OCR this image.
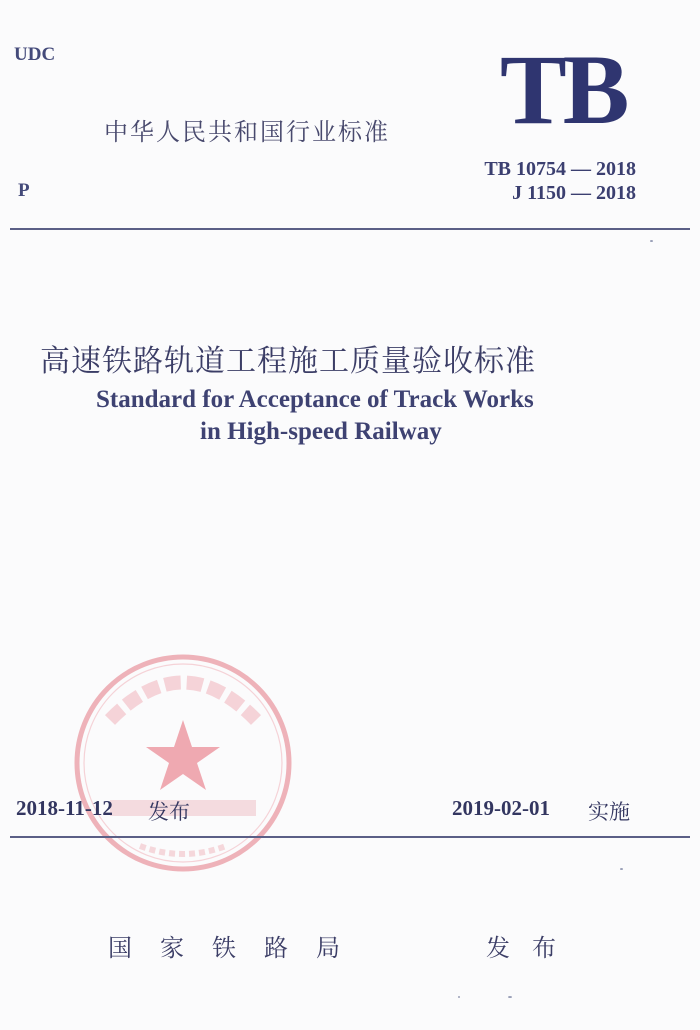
UDC
中华人民共和国行业标准 TB
P
TB 10754 — 2018
J 1150 — 2018
高速铁路轨道工程施工质量验收标准
Standard for Acceptance of Track Works
in High-speed Railway
2018-11-12 发布	2019-02-01 实施
国家铁路局	发布
